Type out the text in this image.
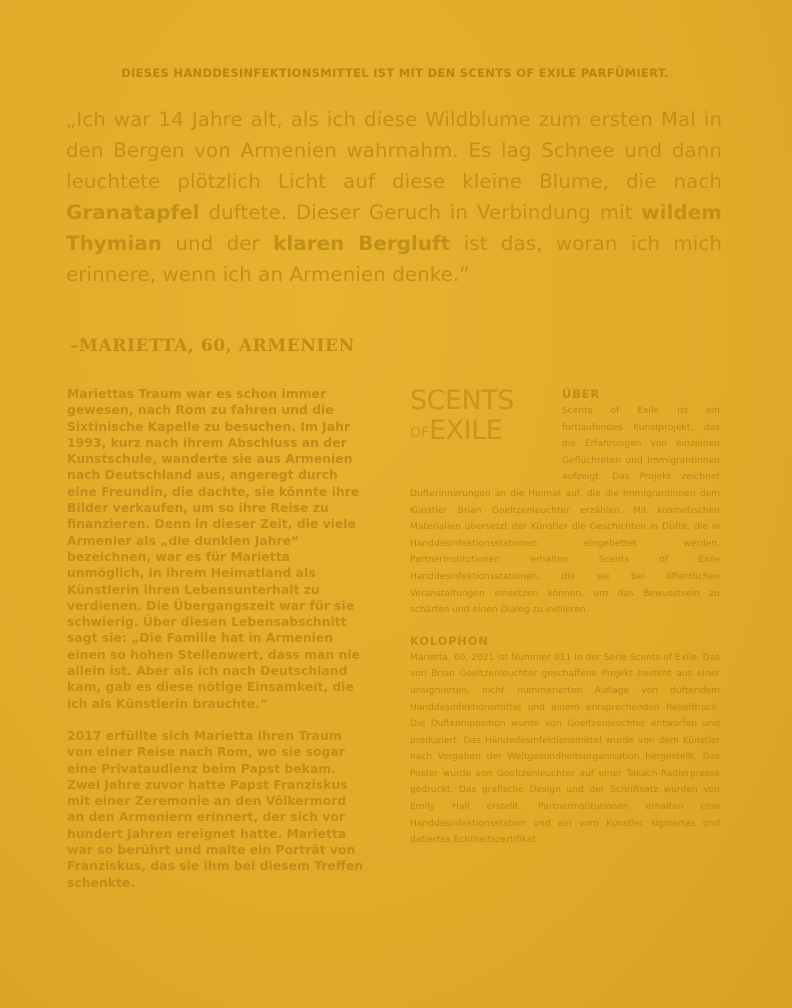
DIESES HANDDESINFEKTIONSMITTEL IST MIT DEN SCENTS OF EXILE PARFÜMIERT.
„Ich war 14 Jahre alt, als ich diese Wildblume zum ersten Mal in den Bergen von Armenien wahrnahm. Es lag Schnee und dann leuchtete plötzlich Licht auf diese kleine Blume, die nach Granatapfel duftete. Dieser Geruch in Verbindung mit wildem Thymian und der klaren Bergluft ist das, woran ich mich erinnere, wenn ich an Armenien denke.“
–MARIETTA, 60, ARMENIEN

Mariettas Traum war es schon immer gewesen, nach Rom zu fahren und die Sixtinische Kapelle zu besuchen. Im Jahr 1993, kurz nach ihrem Abschluss an der Kunstschule, wanderte sie aus Armenien nach Deutschland aus, angeregt durch eine Freundin, die dachte, sie könnte ihre Bilder verkaufen, um so ihre Reise zu finanzieren. Denn in dieser Zeit, die viele Armenier als „die dunklen Jahre“ bezeichnen, war es für Marietta unmöglich, in ihrem Heimatland als Künstlerin ihren Lebensunterhalt zu verdienen. Die Übergangszeit war für sie schwierig. Über diesen Lebensabschnitt sagt sie: „Die Familie hat in Armenien einen so hohen Stellenwert, dass man nie allein ist. Aber als ich nach Deutschland kam, gab es diese nötige Einsamkeit, die ich als Künstlerin brauchte.“

2017 erfüllte sich Marietta ihren Traum von einer Reise nach Rom, wo sie sogar eine Privataudienz beim Papst bekam. Zwei Jahre zuvor hatte Papst Franziskus mit einer Zeremonie an den Völkermord an den Armeniern erinnert, der sich vor hundert Jahren ereignet hatte. Marietta war so berührt und malte ein Porträt von Franziskus, das sie ihm bei diesem Treffen schenkte.

SCENTS
OFEXILE
ÜBER

Scents of Exile ist ein fortlaufendes Kunstprojekt, das die Erfahrungen von einzelnen Geflüchteten und Immigrantinnen aufzeigt. Das Projekt zeichnet Dufterinnerungen an die Heimat auf, die die Immigrantinnen dem Künstler Brian Goeltzenleuchter erzählen. Mit kosmetischen Materialien übersetzt der Künstler die Geschichten in Düfte, die in Handdesinfektionsstationen eingebettet werden. Partnerinstitutionen erhalten Scents of Exile Handdesinfektionsstationen, die sie bei öffentlichen Veranstaltungen einsetzen können, um das Bewusstsein zu schärfen und einen Dialog zu initiieren.

KOLOPHON

Marietta, 60, 2021 ist Nummer 011 in der Serie Scents of Exile. Das von Brian Goeltzenleuchter geschaffene Projekt besteht aus einer unsignierten, nicht nummerierten Auflage von duftendem Handdesinfektionsmittel und einem entsprechenden Reliefdruck. Die Duftkomposition wurde von Goeltzenleuchter entworfen und produziert. Das Händedesinfektionsmittel wurde von dem Künstler nach Vorgaben der Weltgesundheitsorganisation hergestellt. Das Poster wurde von Goeltzenleuchter auf einer Takach-Radierpresse gedruckt. Das grafische Design und der Schriftsatz wurden von Emily Hall erstellt. Partnerinstitutionen erhalten eine Handdesinfektionsstation und ein vom Künstler signiertes und datiertes Echtheitszertifikat.
